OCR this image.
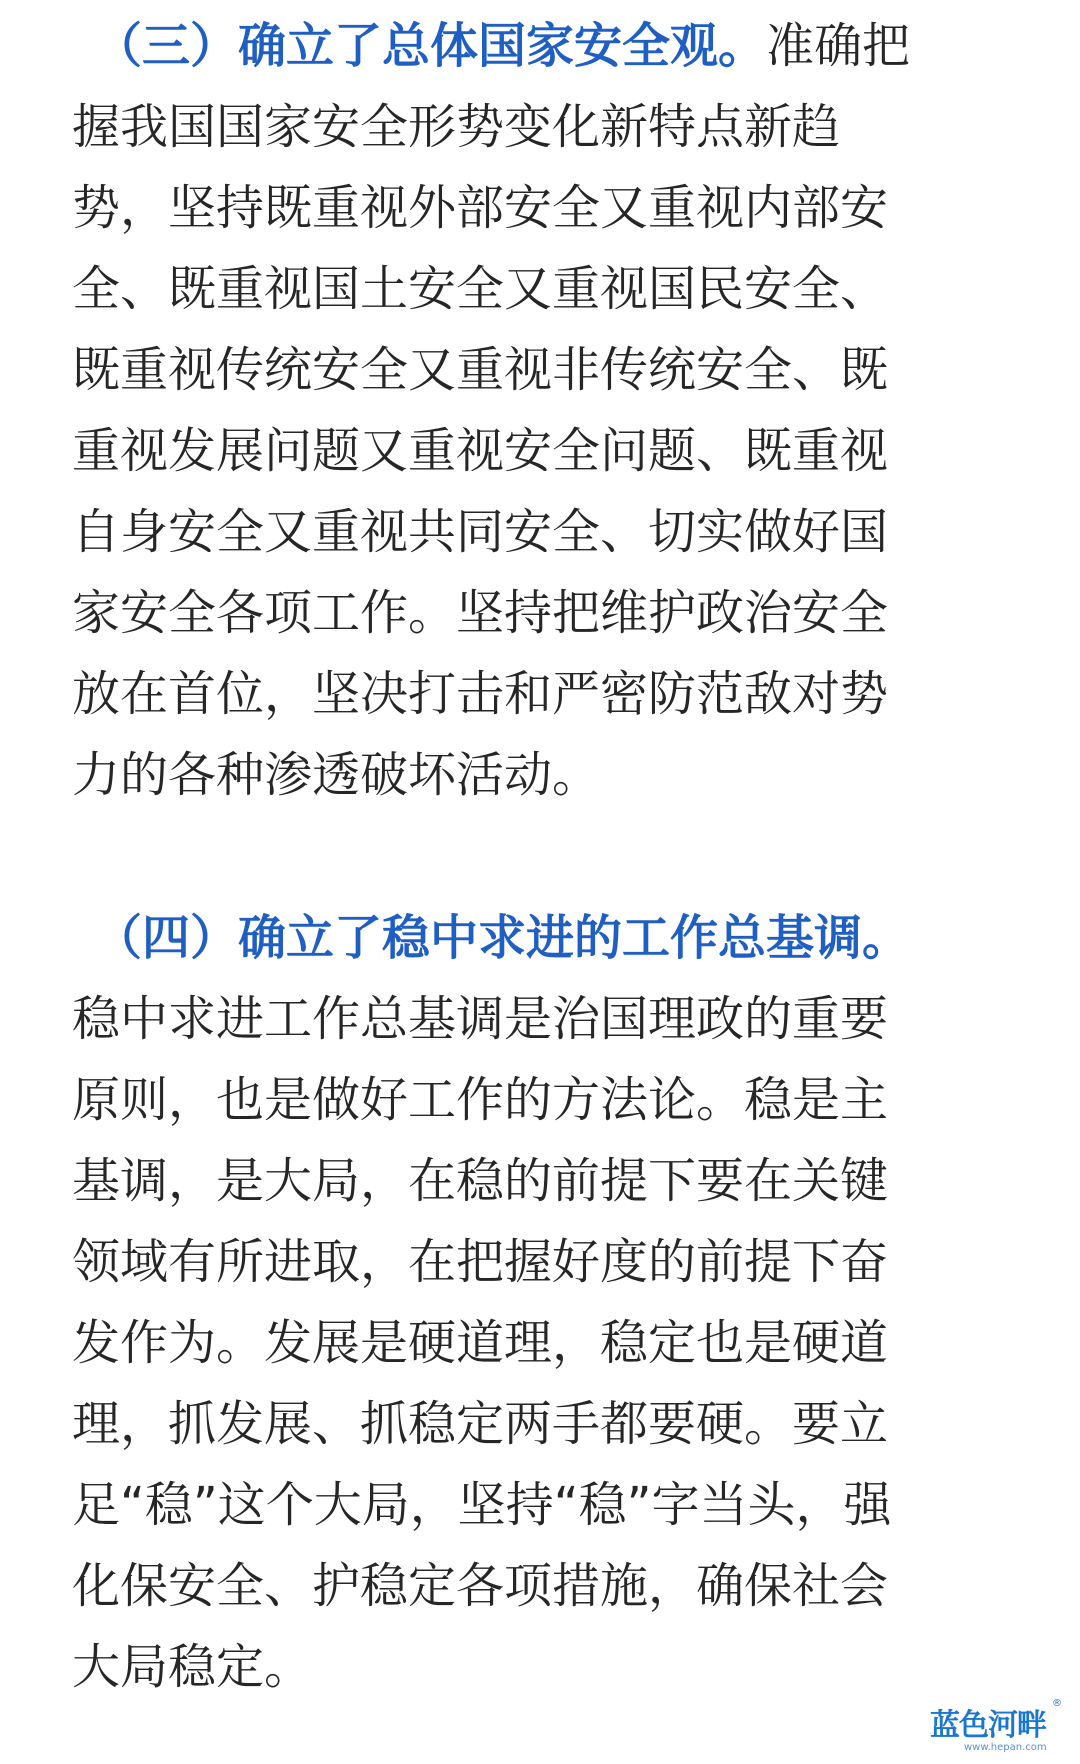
（三）确立了总体国家安全观。准确把
握我国国家安全形势变化新特点新趋
势，坚持既重视外部安全又重视内部安
全、既重视国土安全又重视国民安全、
既重视传统安全又重视非传统安全、既
重视发展问题又重视安全问题、既重视
自身安全又重视共同安全、切实做好国
家安全各项工作。坚持把维护政治安全
放在首位，坚决打击和严密防范敌对势
力的各种渗透破坏活动。
（四）确立了稳中求进的工作总基调。
稳中求进工作总基调是治国理政的重要
原则，也是做好工作的方法论。稳是主
基调，是大局，在稳的前提下要在关键
领域有所进取，在把握好度的前提下奋
发作为。发展是硬道理，稳定也是硬道
理，抓发展、抓稳定两手都要硬。要立
足“稳”这个大局，坚持“稳”字当头，强
化保安全、护稳定各项措施，确保社会
大局稳定。
蓝色河畔
®
www.hepan.com
